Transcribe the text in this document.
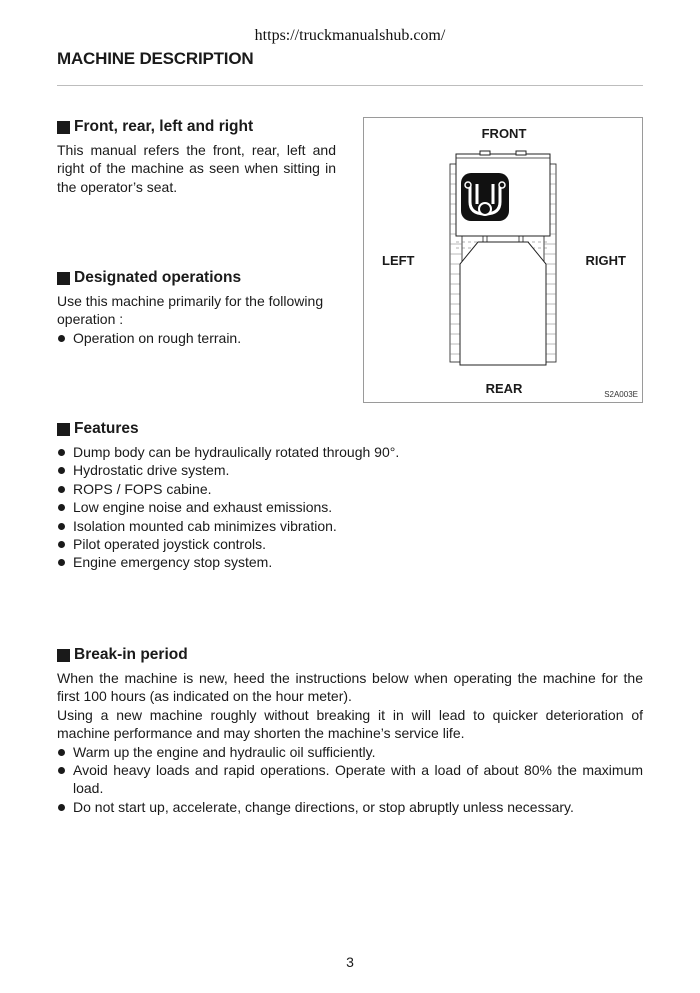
https://truckmanualshub.com/
MACHINE DESCRIPTION
Front, rear, left and right

This manual refers the front, rear, left and right of the machine as seen when sitting in the operator’s seat.

Designated operations

Use this machine primarily for the following operation :

Operation on rough terrain.
FRONT
LEFT	RIGHT
REAR	S2A003E
Features
Dump body can be hydraulically rotated through 90°.
Hydrostatic drive system.
ROPS / FOPS cabine.
Low engine noise and exhaust emissions.
Isolation mounted cab minimizes vibration.
Pilot operated joystick controls.
Engine emergency stop system.
Break-in period

When the machine is new, heed the instructions below when operating the machine for the first 100 hours (as indicated on the hour meter).

Using a new machine roughly without breaking it in will lead to quicker deterioration of machine performance and may shorten the machine’s service life.

Warm up the engine and hydraulic oil sufficiently.
Avoid heavy loads and rapid operations. Operate with a load of about 80% the maximum load.
Do not start up, accelerate, change directions, or stop abruptly unless necessary.
3
